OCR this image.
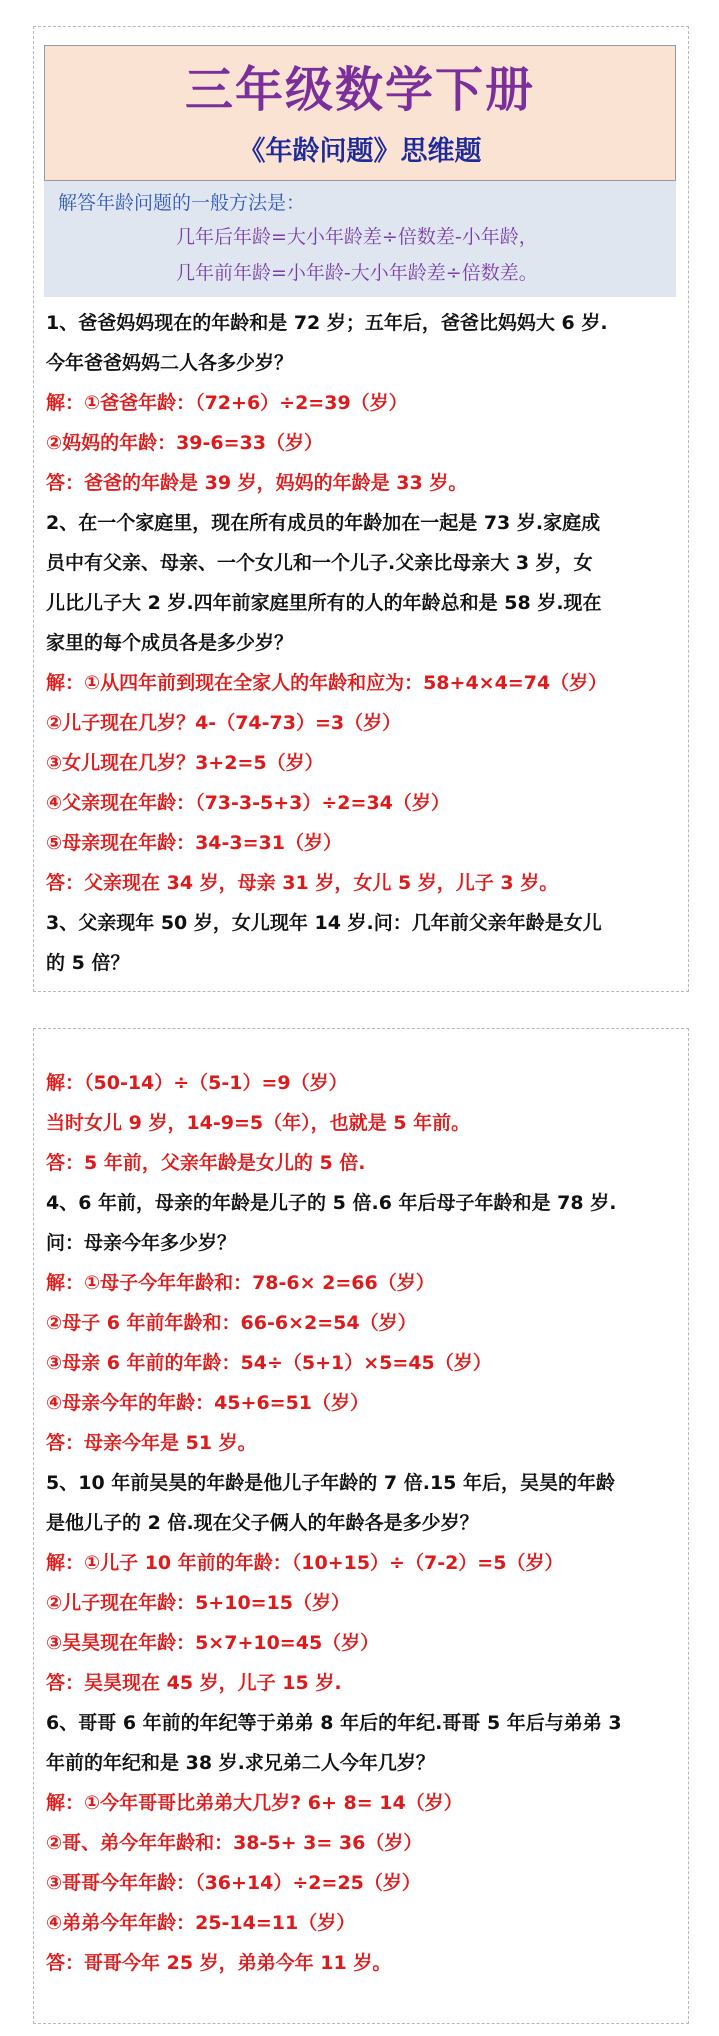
三年级数学下册
《年龄问题》思维题
解答年龄问题的一般方法是：
几年后年龄=大小年龄差÷倍数差-小年龄，
几年前年龄=小年龄-大小年龄差÷倍数差。
1、爸爸妈妈现在的年龄和是 72 岁；五年后，爸爸比妈妈大 6 岁.
今年爸爸妈妈二人各多少岁？
解：①爸爸年龄：（72+6）÷2=39（岁）
②妈妈的年龄：39-6=33（岁）
答：爸爸的年龄是 39 岁，妈妈的年龄是 33 岁。
2、在一个家庭里，现在所有成员的年龄加在一起是 73 岁.家庭成
员中有父亲、母亲、一个女儿和一个儿子.父亲比母亲大 3 岁，女
儿比儿子大 2 岁.四年前家庭里所有的人的年龄总和是 58 岁.现在
家里的每个成员各是多少岁？
解：①从四年前到现在全家人的年龄和应为：58+4×4=74（岁）
②儿子现在几岁？4-（74-73）=3（岁）
③女儿现在几岁？3+2=5（岁）
④父亲现在年龄：（73-3-5+3）÷2=34（岁）
⑤母亲现在年龄：34-3=31（岁）
答：父亲现在 34 岁，母亲 31 岁，女儿 5 岁，儿子 3 岁。
3、父亲现年 50 岁，女儿现年 14 岁.问：几年前父亲年龄是女儿
的 5 倍？
解：（50-14）÷（5-1）=9（岁）
当时女儿 9 岁，14-9=5（年），也就是 5 年前。
答：5 年前，父亲年龄是女儿的 5 倍.
4、6 年前，母亲的年龄是儿子的 5 倍.6 年后母子年龄和是 78 岁.
问：母亲今年多少岁？
解：①母子今年年龄和：78-6× 2=66（岁）
②母子 6 年前年龄和：66-6×2=54（岁）
③母亲 6 年前的年龄：54÷（5+1）×5=45（岁）
④母亲今年的年龄：45+6=51（岁）
答：母亲今年是 51 岁。
5、10 年前吴昊的年龄是他儿子年龄的 7 倍.15 年后，吴昊的年龄
是他儿子的 2 倍.现在父子俩人的年龄各是多少岁？
解：①儿子 10 年前的年龄：（10+15）÷（7-2）=5（岁）
②儿子现在年龄：5+10=15（岁）
③吴昊现在年龄：5×7+10=45（岁）
答：吴昊现在 45 岁，儿子 15 岁.
6、哥哥 6 年前的年纪等于弟弟 8 年后的年纪.哥哥 5 年后与弟弟 3
年前的年纪和是 38 岁.求兄弟二人今年几岁？
解：①今年哥哥比弟弟大几岁? 6+ 8= 14（岁）
②哥、弟今年年龄和：38-5+ 3= 36（岁）
③哥哥今年年龄：（36+14）÷2=25（岁）
④弟弟今年年龄：25-14=11（岁）
答：哥哥今年 25 岁，弟弟今年 11 岁。
